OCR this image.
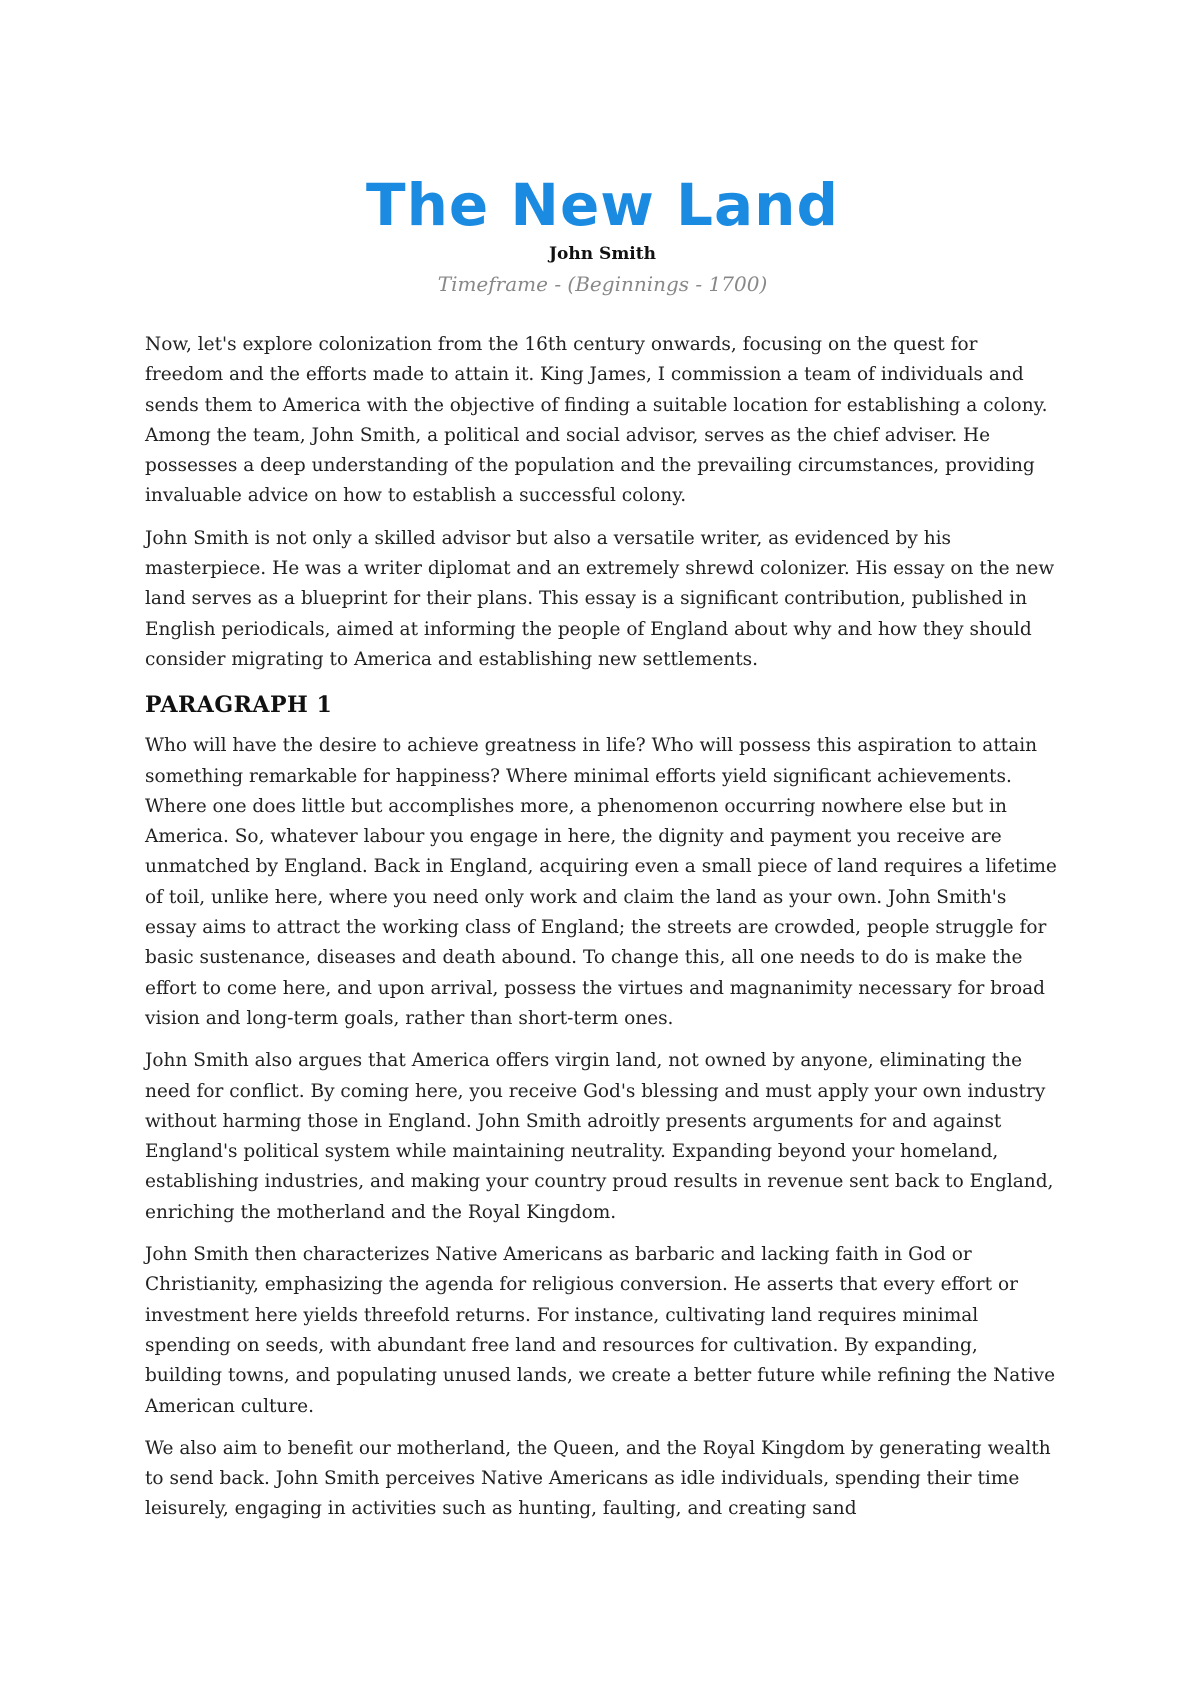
The New Land
John Smith
Timeframe - (Beginnings - 1700)

Now, let's explore colonization from the 16th century onwards, focusing on the quest for freedom and the efforts made to attain it. King James, I commission a team of individuals and sends them to America with the objective of finding a suitable location for establishing a colony. Among the team, John Smith, a political and social advisor, serves as the chief adviser. He possesses a deep understanding of the population and the prevailing circumstances, providing invaluable advice on how to establish a successful colony.

John Smith is not only a skilled advisor but also a versatile writer, as evidenced by his masterpiece. He was a writer diplomat and an extremely shrewd colonizer. His essay on the new land serves as a blueprint for their plans. This essay is a significant contribution, published in English periodicals, aimed at informing the people of England about why and how they should consider migrating to America and establishing new settlements.

PARAGRAPH 1

Who will have the desire to achieve greatness in life? Who will possess this aspiration to attain something remarkable for happiness? Where minimal efforts yield significant achievements. Where one does little but accomplishes more, a phenomenon occurring nowhere else but in America. So, whatever labour you engage in here, the dignity and payment you receive are unmatched by England. Back in England, acquiring even a small piece of land requires a lifetime of toil, unlike here, where you need only work and claim the land as your own. John Smith's essay aims to attract the working class of England; the streets are crowded, people struggle for basic sustenance, diseases and death abound. To change this, all one needs to do is make the effort to come here, and upon arrival, possess the virtues and magnanimity necessary for broad vision and long-term goals, rather than short-term ones.

John Smith also argues that America offers virgin land, not owned by anyone, eliminating the need for conflict. By coming here, you receive God's blessing and must apply your own industry without harming those in England. John Smith adroitly presents arguments for and against England's political system while maintaining neutrality. Expanding beyond your homeland, establishing industries, and making your country proud results in revenue sent back to England, enriching the motherland and the Royal Kingdom.

John Smith then characterizes Native Americans as barbaric and lacking faith in God or Christianity, emphasizing the agenda for religious conversion. He asserts that every effort or investment here yields threefold returns. For instance, cultivating land requires minimal spending on seeds, with abundant free land and resources for cultivation. By expanding, building towns, and populating unused lands, we create a better future while refining the Native American culture.

We also aim to benefit our motherland, the Queen, and the Royal Kingdom by generating wealth to send back. John Smith perceives Native Americans as idle individuals, spending their time leisurely, engaging in activities such as hunting, faulting, and creating sand
